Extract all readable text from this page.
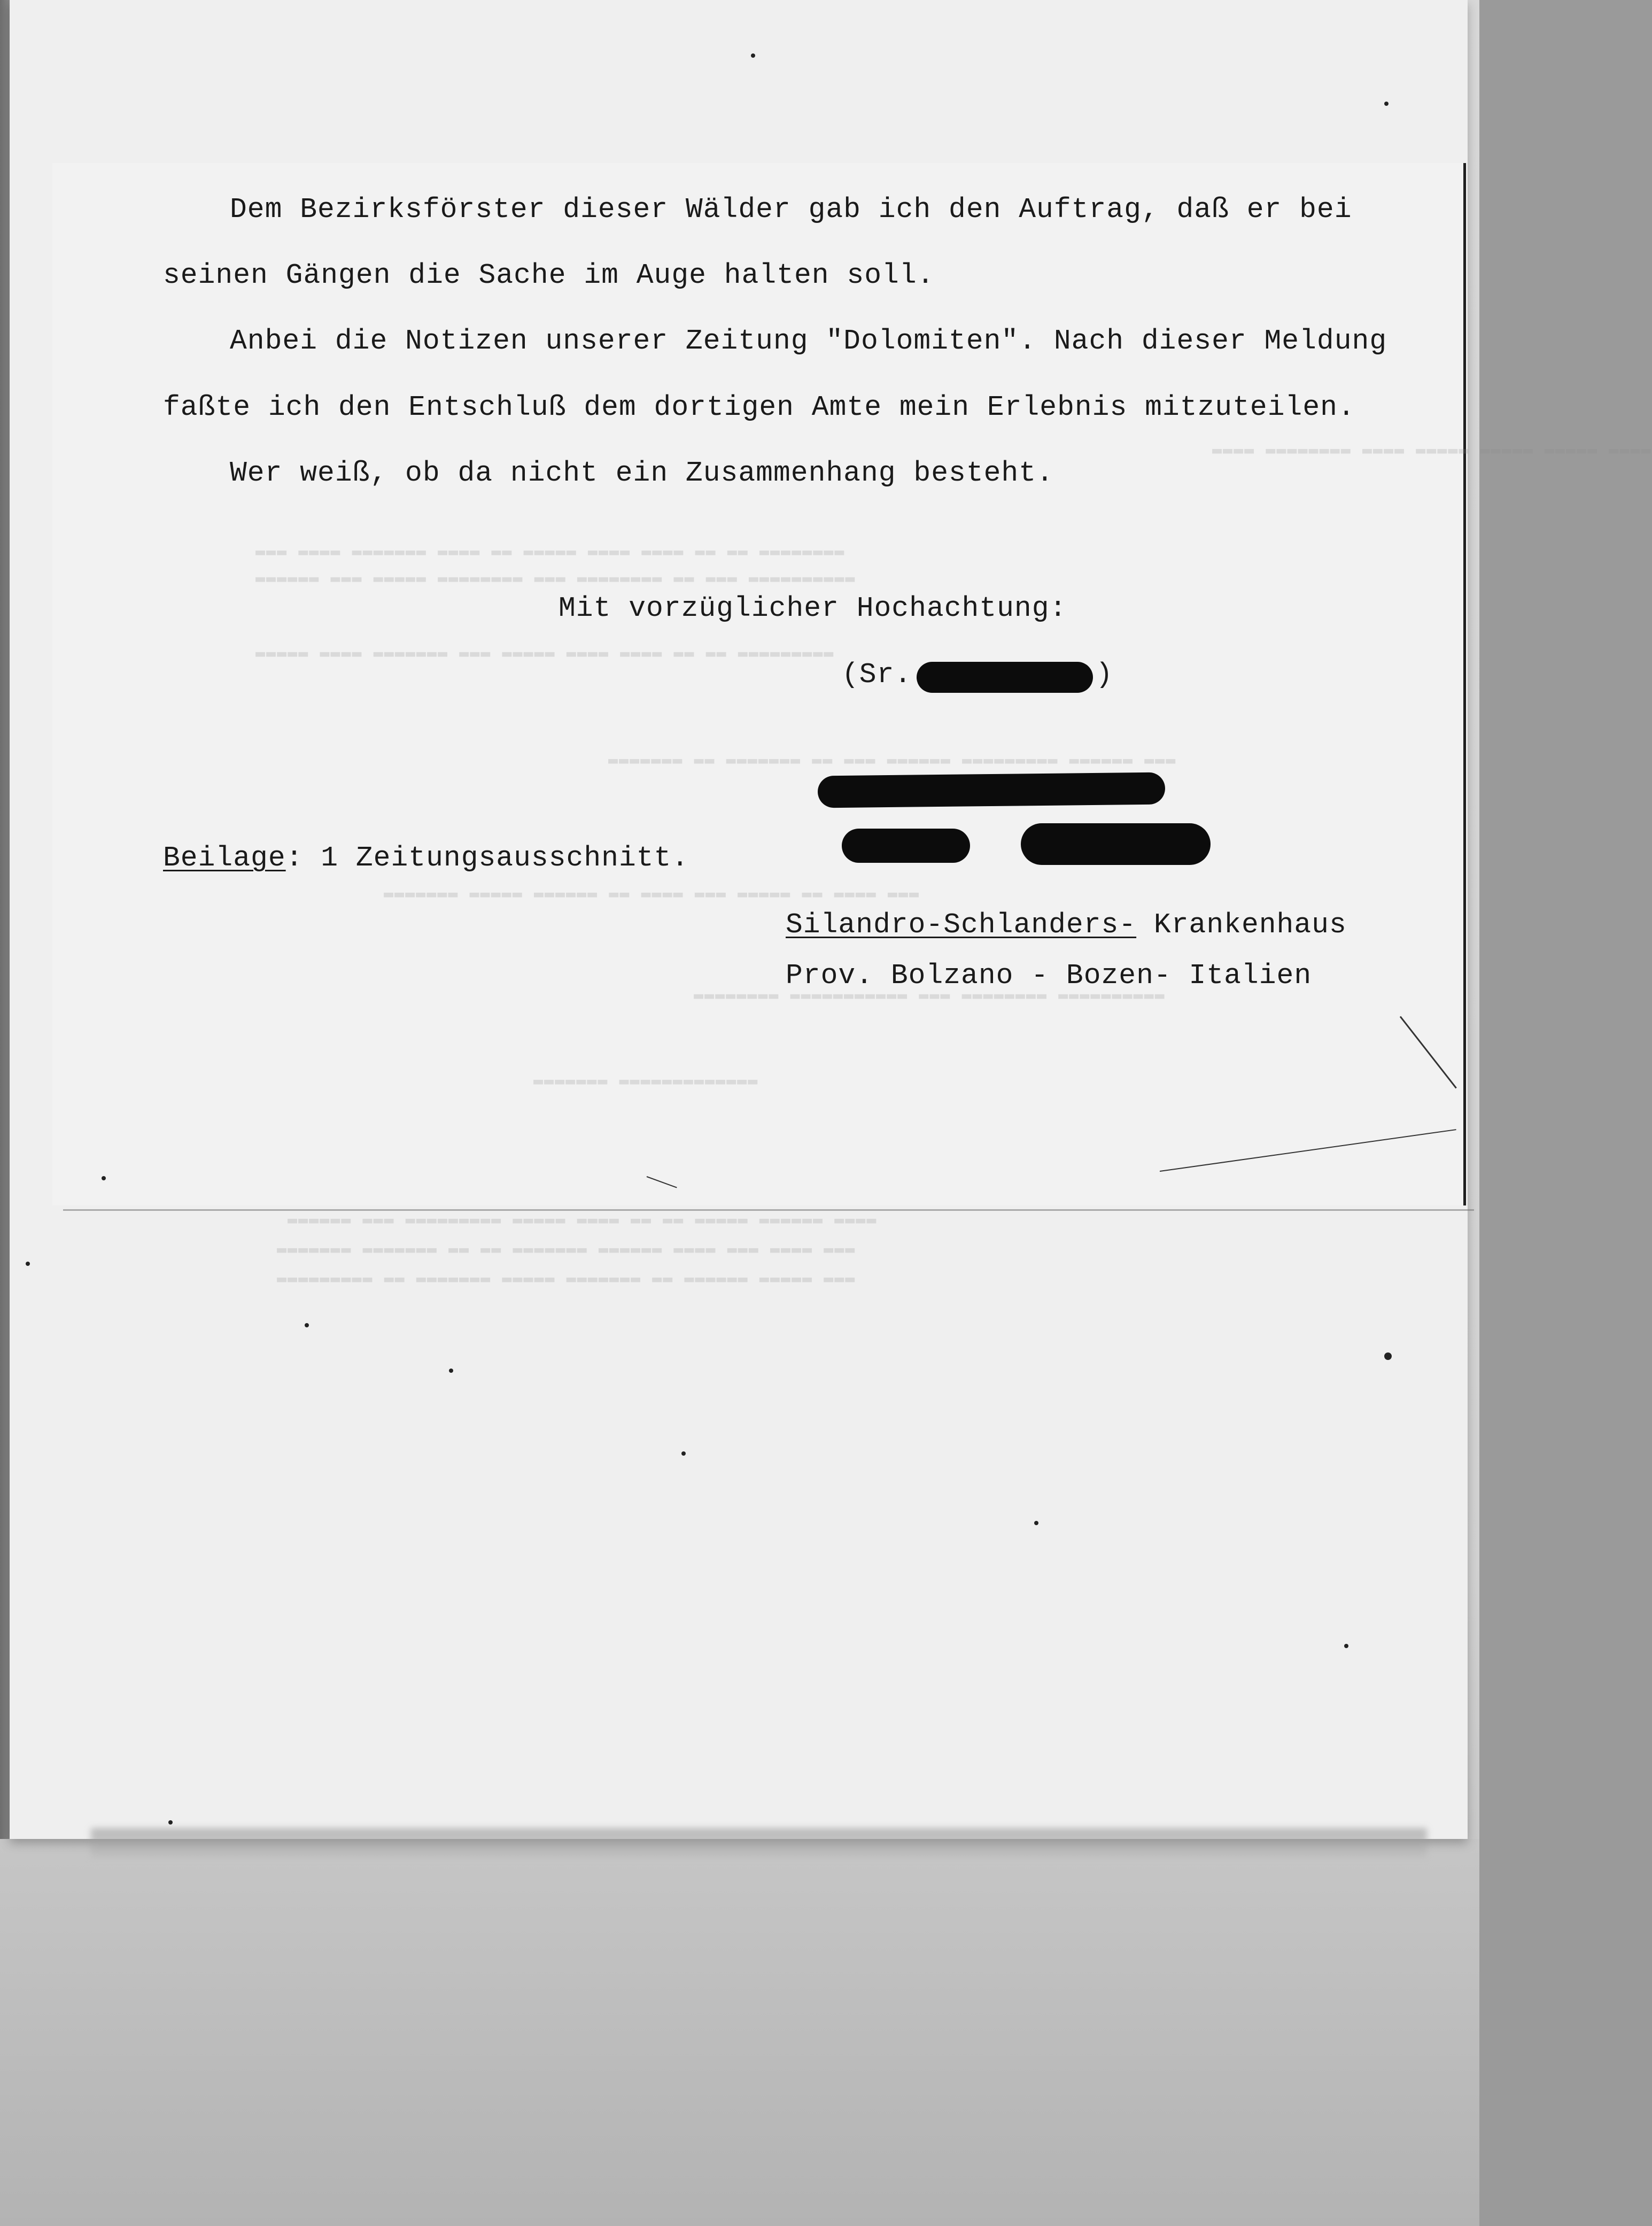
▬▬▬▬ ▬▬▬▬▬▬▬▬ ▬▬▬▬ ▬▬▬▬▬ ▬▬▬▬▬ ▬▬▬▬▬ ▬▬▬▬
▬▬▬ ▬▬▬▬ ▬▬▬▬▬▬▬ ▬▬▬▬ ▬▬ ▬▬▬▬▬ ▬▬▬▬ ▬▬▬▬ ▬▬ ▬▬ ▬▬▬▬▬▬▬▬
▬▬▬▬▬▬ ▬▬▬ ▬▬▬▬▬ ▬▬▬▬▬▬▬▬ ▬▬▬ ▬▬▬▬▬▬▬▬ ▬▬ ▬▬▬ ▬▬▬▬▬▬▬▬▬▬
▬▬▬▬▬ ▬▬▬▬ ▬▬▬▬▬▬▬ ▬▬▬ ▬▬▬▬▬ ▬▬▬▬ ▬▬▬▬ ▬▬ ▬▬ ▬▬▬▬▬▬▬▬▬
▬▬▬▬▬▬▬ ▬▬ ▬▬▬▬▬▬▬ ▬▬ ▬▬▬ ▬▬▬▬▬▬ ▬▬▬▬▬▬▬▬▬ ▬▬▬▬▬▬ ▬▬▬
▬▬▬▬▬▬▬ ▬▬▬▬▬ ▬▬▬▬▬▬ ▬▬ ▬▬▬▬ ▬▬▬ ▬▬▬▬▬ ▬▬ ▬▬▬▬ ▬▬▬
▬▬▬▬▬▬▬▬ ▬▬▬▬▬▬▬▬▬▬▬ ▬▬▬ ▬▬▬▬▬▬▬▬ ▬▬▬▬▬▬▬▬▬▬
▬▬▬▬▬▬▬ ▬▬▬▬▬▬▬▬▬▬▬▬▬
▬▬▬▬▬▬ ▬▬▬ ▬▬▬▬▬▬▬▬▬ ▬▬▬▬▬ ▬▬▬▬ ▬▬ ▬▬ ▬▬▬▬▬ ▬▬▬▬▬▬ ▬▬▬▬
▬▬▬▬▬▬▬ ▬▬▬▬▬▬▬ ▬▬ ▬▬ ▬▬▬▬▬▬▬ ▬▬▬▬▬▬ ▬▬▬▬ ▬▬▬ ▬▬▬▬ ▬▬▬
▬▬▬▬▬▬▬▬▬ ▬▬ ▬▬▬▬▬▬▬ ▬▬▬▬▬ ▬▬▬▬▬▬▬ ▬▬ ▬▬▬▬▬▬ ▬▬▬▬▬ ▬▬▬
Dem Bezirksförster dieser Wälder gab ich den Auftrag, daß er bei
seinen Gängen die Sache im Auge halten soll.
Anbei die Notizen unserer Zeitung "Dolomiten". Nach dieser Meldung
faßte ich den Entschluß dem dortigen Amte mein Erlebnis mitzuteilen.
Wer weiß, ob da nicht ein Zusammenhang besteht.
Mit vorzüglicher Hochachtung:
(Sr.	)
Beilage: 1 Zeitungsausschnitt.
Silandro-Schlanders- Krankenhaus
Prov. Bolzano - Bozen- Italien
